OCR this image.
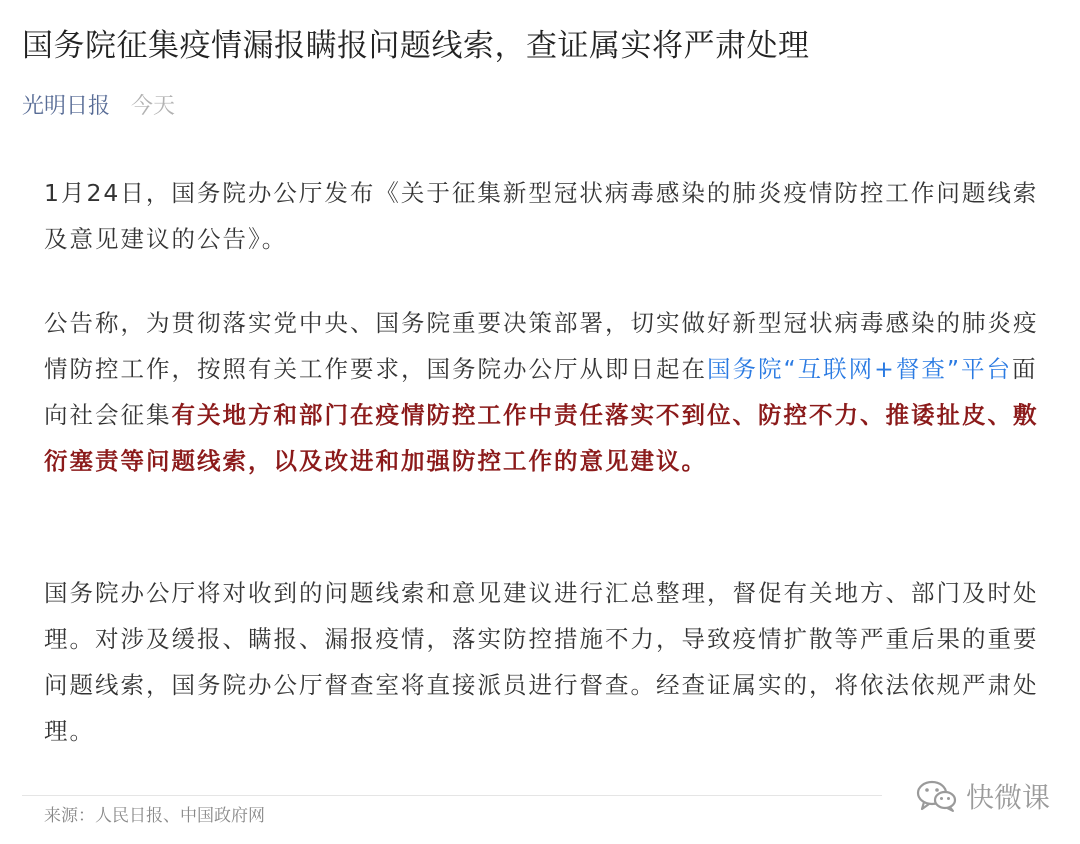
国务院征集疫情漏报瞒报问题线索，查证属实将严肃处理
光明日报 今天
1月24日，国务院办公厅发布《关于征集新型冠状病毒感染的肺炎疫情防控工作问题线索及意见建议的公告》。
公告称，为贯彻落实党中央、国务院重要决策部署，切实做好新型冠状病毒感染的肺炎疫情防控工作，按照有关工作要求，国务院办公厅从即日起在国务院“互联网+督查”平台面向社会征集有关地方和部门在疫情防控工作中责任落实不到位、防控不力、推诿扯皮、敷衍塞责等问题线索，以及改进和加强防控工作的意见建议。
国务院办公厅将对收到的问题线索和意见建议进行汇总整理，督促有关地方、部门及时处理。对涉及缓报、瞒报、漏报疫情，落实防控措施不力，导致疫情扩散等严重后果的重要问题线索，国务院办公厅督查室将直接派员进行督查。经查证属实的，将依法依规严肃处理。
来源：人民日报、中国政府网
快微课
